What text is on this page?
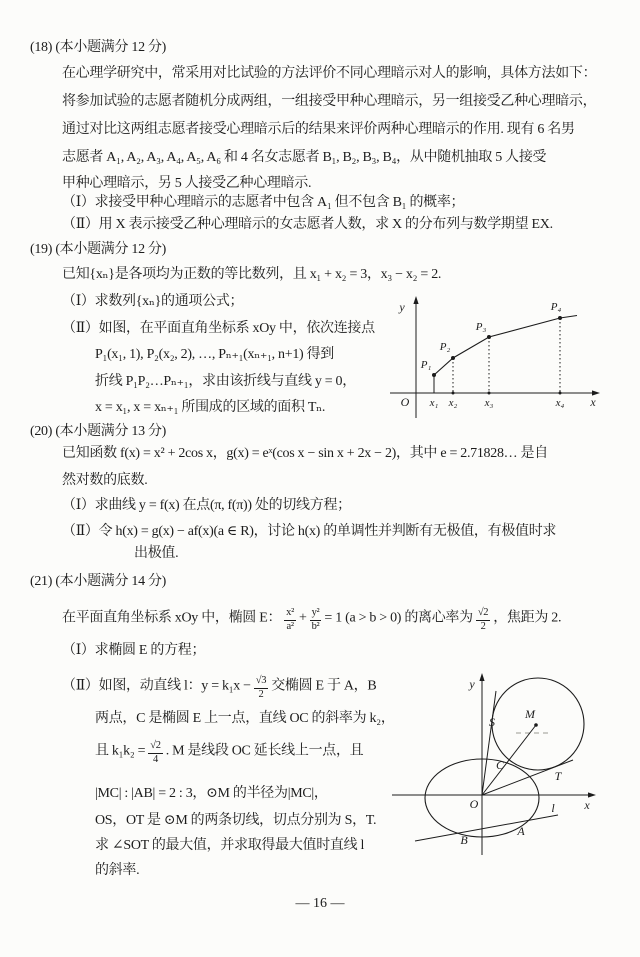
(18) (本小题满分 12 分)
在心理学研究中，常采用对比试验的方法评价不同心理暗示对人的影响，具体方法如下：
将参加试验的志愿者随机分成两组，一组接受甲种心理暗示，另一组接受乙种心理暗示，
通过对比这两组志愿者接受心理暗示后的结果来评价两种心理暗示的作用. 现有 6 名男
志愿者 A₁, A₂, A₃, A₄, A₅, A₆ 和 4 名女志愿者 B₁, B₂, B₃, B₄，从中随机抽取 5 人接受
甲种心理暗示，另 5 人接受乙种心理暗示.
（Ⅰ）求接受甲种心理暗示的志愿者中包含 A₁ 但不包含 B₁ 的概率；
（Ⅱ）用 X 表示接受乙种心理暗示的女志愿者人数，求 X 的分布列与数学期望 EX.
(19) (本小题满分 12 分)
已知{xₙ}是各项均为正数的等比数列，且 x₁ + x₂ = 3，x₃ − x₂ = 2.
（Ⅰ）求数列{xₙ}的通项公式；
（Ⅱ）如图，在平面直角坐标系 xOy 中，依次连接点
P₁(x₁, 1), P₂(x₂, 2), …, Pₙ₊₁(xₙ₊₁, n+1) 得到
折线 P₁P₂…Pₙ₊₁，求由该折线与直线 y = 0，
x = x₁, x = xₙ₊₁ 所围成的区域的面积 Tₙ.
y
x
O x₁ x₂ x₃	x₄
P₁
P₂
P₃
P₄
(20) (本小题满分 13 分)
已知函数 f(x) = x² + 2cos x，g(x) = eˣ(cos x − sin x + 2x − 2)，其中 e = 2.71828… 是自
然对数的底数.
（Ⅰ）求曲线 y = f(x) 在点(π, f(π)) 处的切线方程；
（Ⅱ）令 h(x) = g(x) − af(x)(a ∈ R)，讨论 h(x) 的单调性并判断有无极值，有极值时求
出极值.
(21) (本小题满分 14 分)
在平面直角坐标系 xOy 中，椭圆 E： $\frac{\text{x²}}{\text{a²}} + \frac{\text{y²}}{\text{b²}} = 1$ (a > b > 0) 的离心率为 $\frac{√2}{2}$ ，焦距为 2.
（Ⅰ）求椭圆 E 的方程；
（Ⅱ）如图，动直线 l：$y = k_1x - \frac{√3}{2}$ 交椭圆 E 于 A，B
两点，C 是椭圆 E 上一点，直线 OC 的斜率为 k₂，
且 $k_1k_2 = \frac{√2}{4}$ . M 是线段 OC 延长线上一点，且
|MC| : |AB| = 2 : 3，⊙M 的半径为|MC|，
OS，OT 是 ⊙M 的两条切线，切点分别为 S，T.
求 ∠SOT 的最大值，并求取得最大值时直线 l
的斜率.
y
x
O
S
M
C
T
A
B
l
— 16 —
